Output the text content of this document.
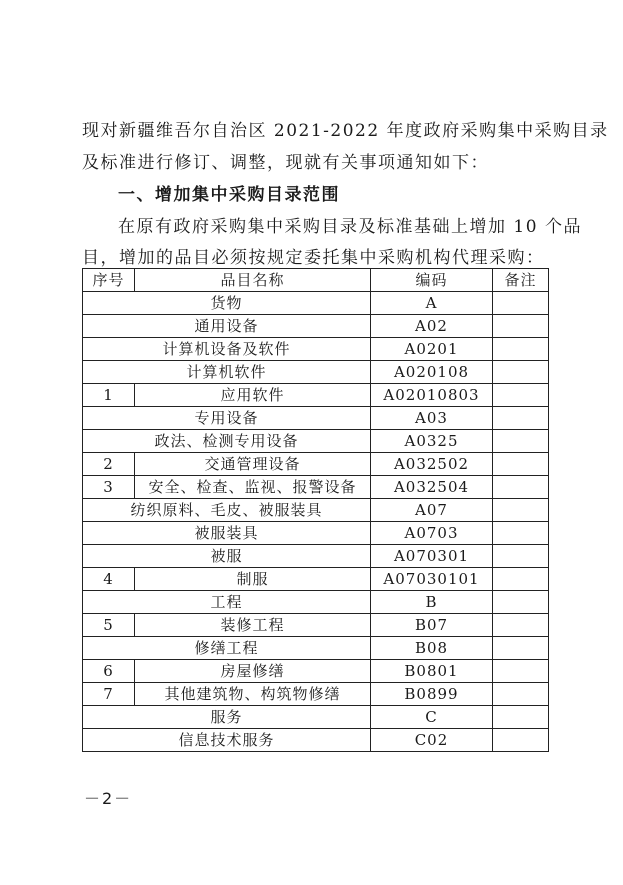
现对新疆维吾尔自治区 2021-2022 年度政府采购集中采购目录
及标准进行修订、调整，现就有关事项通知如下：
一、增加集中采购目录范围
在原有政府采购集中采购目录及标准基础上增加 10 个品
目，增加的品目必须按规定委托集中采购机构代理采购：
序号	品目名称	编码	备注
货物		A	
通用设备		A02	
计算机设备及软件		A0201	
计算机软件		A020108	
1	应用软件	A02010803	
专用设备		A03	
政法、检测专用设备		A0325	
2	交通管理设备	A032502	
3	安全、检查、监视、报警设备	A032504	
纺织原料、毛皮、被服装具		A07	
被服装具		A0703	
被服		A070301	
4	制服	A07030101	
工程		B	
5	装修工程	B07	
修缮工程		B08	
6	房屋修缮	B0801	
7	其他建筑物、构筑物修缮	B0899	
服务		C	
信息技术服务		C02	
－2－
